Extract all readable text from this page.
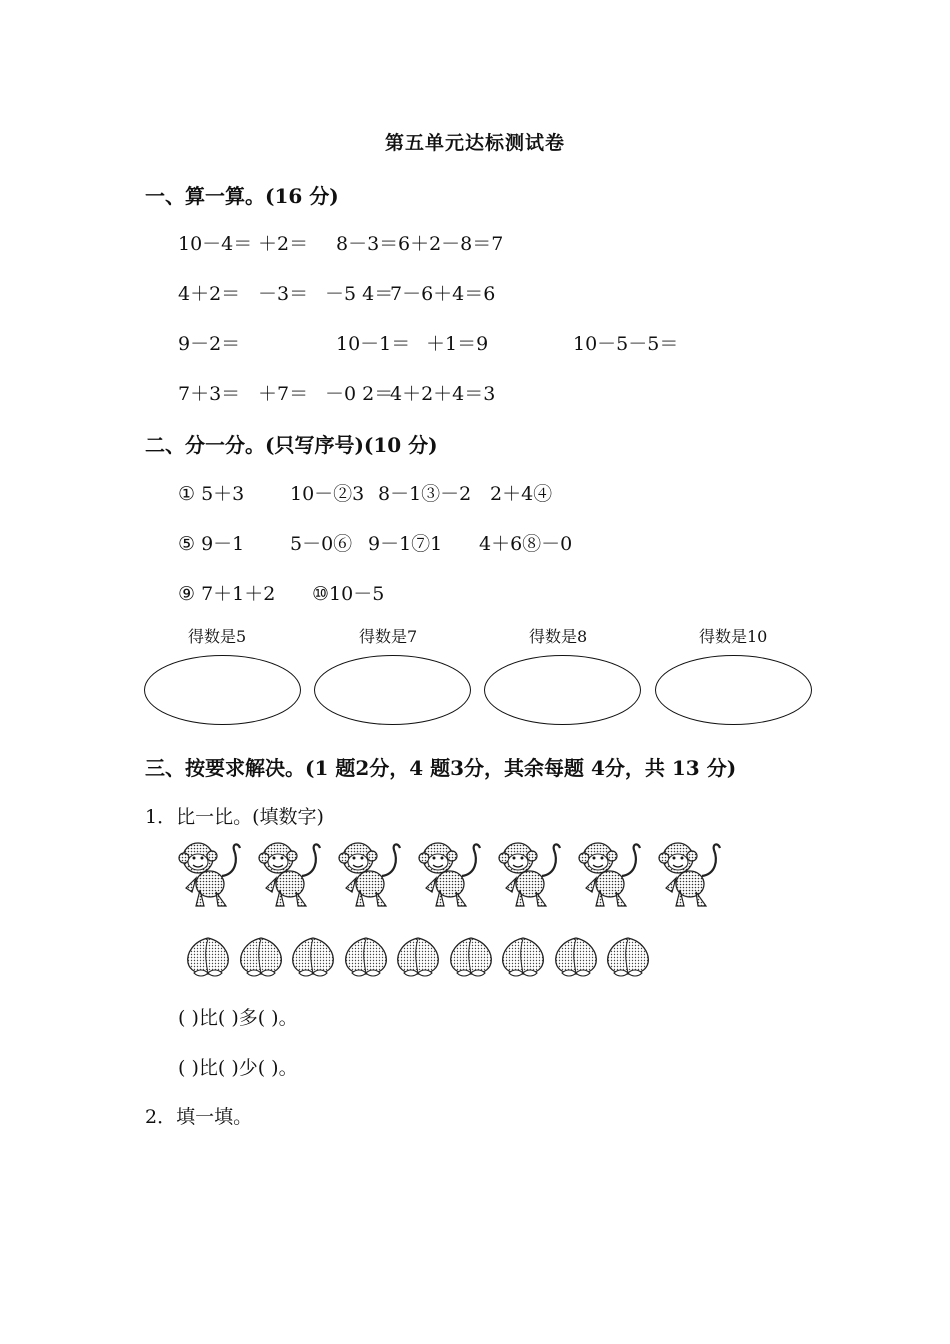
第五单元达标测试卷
一、算一算。(16 分)
10－4＝ ＋2＝ 8－3＝ 6＋2－8＝7
4＋2＝ －3＝ －5 4＝
7－6＋4＝6
9－2＝	10－1＝ ＋1＝9	10－5－5＝
7＋3＝ ＋7＝ －0 2＝
4＋2＋4＝3
二、分一分。(只写序号)(10 分)
① 5＋3 10－②3 8－1③－2 2＋4④
⑤ 9－1 5－0⑥ 9－1⑦1 4＋6⑧－0
⑨ 7＋1＋2 ⑩10－5
得数是5	得数是7	得数是8	得数是10
三、按要求解决。(1 题2分，4 题3分，其余每题 4分，共 13 分)
1．比一比。(填数字)
( )比( )多( )。
( )比( )少( )。
2．填一填。
